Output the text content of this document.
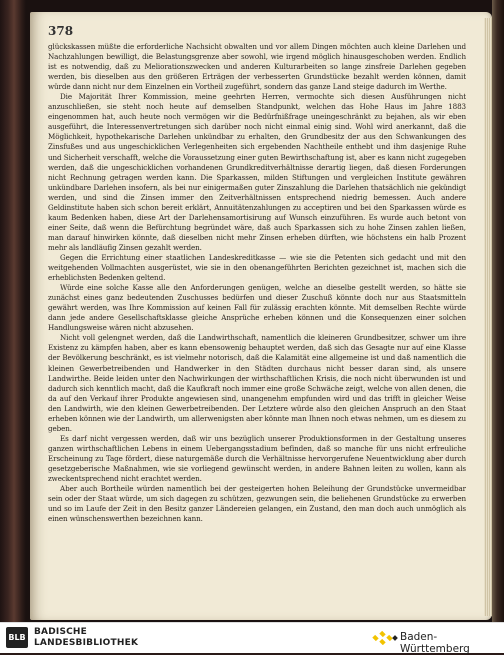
378

glückskassen müßte die erforderliche Nachsicht obwalten und vor allem Dingen möchten auch kleine Darlehen und Nachzahlungen bewilligt, die Belastungsgrenze aber sowohl, wie irgend möglich hinausgeschoben werden. Endlich ist es notwendig, daß zu Meliorationszwecken und anderen Kulturarbeiten so lange zinsfreie Darlehen gegeben werden, bis dieselben aus den größeren Erträgen der verbesserten Grundstücke bezahlt werden können, damit würde dann nicht nur dem Einzelnen ein Vortheil zugeführt, sondern das ganze Land steige dadurch im Werthe.

Die Majorität Ihrer Kommission, meine geehrten Herren, vermochte sich diesen Ausführungen nicht anzuschließen, sie steht noch heute auf demselben Standpunkt, welchen das Hohe Haus im Jahre 1883 eingenommen hat, auch heute noch vermögen wir die Bedürfnißfrage uneingeschränkt zu bejahen, als wir eben ausgeführt, die Interessenvertretungen sich darüber noch nicht einmal einig sind. Wohl wird anerkannt, daß die Möglichkeit, hypothekarische Darlehen unkündbar zu erhalten, den Grundbesitz der aus den Schwankungen des Zinsfußes und aus ungeschicklichen Verlegenheiten sich ergebenden Nachtheile enthebt und ihm dasjenige Ruhe und Sicherheit verschafft, welche die Voraussetzung einer guten Bewirthschaftung ist, aber es kann nicht zugegeben werden, daß die ungeschicklichen vorhandenen Grundkreditverhältnisse derartig liegen, daß diesen Forderungen nicht Rechnung getragen werden kann. Die Sparkassen, milden Stiftungen und vergleichen Institute gewähren unkündbare Darlehen insofern, als bei nur einigermaßen guter Zinszahlung die Darlehen thatsächlich nie gekündigt werden, und sind die Zinsen immer den Zeitverhältnissen entsprechend niedrig bemessen. Auch andere Geldinstitute haben sich schon bereit erklärt, Annuitätenzahlungen zu acceptiren und bei den Sparkassen würde es kaum Bedenken haben, diese Art der Darlehensamortisirung auf Wunsch einzuführen. Es wurde auch betont von einer Seite, daß wenn die Befürchtung begründet wäre, daß auch Sparkassen sich zu hohe Zinsen zahlen ließen, man darauf hinwirken könnte, daß dieselben nicht mehr Zinsen erheben dürften, wie höchstens ein halb Prozent mehr als landläufig Zinsen gezahlt werden.

Gegen die Errichtung einer staatlichen Landeskreditkasse — wie sie die Petenten sich gedacht und mit den weitgehenden Vollmachten ausgerüstet, wie sie in den obenangeführten Berichten gezeichnet ist, machen sich die erheblichsten Bedenken geltend.

Würde eine solche Kasse alle den Anforderungen genügen, welche an dieselbe gestellt werden, so hätte sie zunächst eines ganz bedeutenden Zuschusses bedürfen und dieser Zuschuß könnte doch nur aus Staatsmitteln gewährt werden, was Ihre Kommission auf keinen Fall für zulässig erachten könnte. Mit demselben Rechte würde dann jede andere Gesellschaftsklasse gleiche Ansprüche erheben können und die Konsequenzen einer solchen Handlungsweise wären nicht abzusehen.

Nicht voll gelengnet werden, daß die Landwirthschaft, namentlich die kleineren Grundbesitzer, schwer um ihre Existenz zu kämpfen haben, aber es kann ebensowenig behauptet werden, daß sich das Gesagte nur auf eine Klasse der Bevölkerung beschränkt, es ist vielmehr notorisch, daß die Kalamität eine allgemeine ist und daß namentlich die kleinen Gewerbetreibenden und Handwerker in den Städten durchaus nicht besser daran sind, als unsere Landwirthe. Beide leiden unter den Nachwirkungen der wirthschaftlichen Krisis, die noch nicht überwunden ist und dadurch sich kenntlich macht, daß die Kaufkraft noch immer eine große Schwäche zeigt, welche von allen denen, die da auf den Verkauf ihrer Produkte angewiesen sind, unangenehm empfunden wird und das trifft in gleicher Weise den Landwirth, wie den kleinen Gewerbetreibenden. Der Letztere würde also den gleichen Anspruch an den Staat erheben können wie der Landwirth, um allerwenigsten aber könnte man Ihnen noch etwas nehmen, um es diesem zu geben.

Es darf nicht vergessen werden, daß wir uns bezüglich unserer Produktionsformen in der Gestaltung unseres ganzen wirthschaftlichen Lebens in einem Uebergangsstadium befinden, daß so manche für uns nicht erfreuliche Erscheinung zu Tage fördert, diese naturgemäße durch die Verhältnisse hervorgerufene Neuentwicklung aber durch gesetzgeberische Maßnahmen, wie sie vorliegend gewünscht werden, in andere Bahnen leiten zu wollen, kann als zweckentsprechend nicht erachtet werden.

Aber auch Bortheile würden namentlich bei der gesteigerten hohen Beleihung der Grundstücke unvermeidbar sein oder der Staat würde, um sich dagegen zu schützen, gezwungen sein, die beliehenen Grundstücke zu erwerben und so im Laufe der Zeit in den Besitz ganzer Ländereien gelangen, ein Zustand, den man doch auch unmöglich als einen wünschenswerthen bezeichnen kann.

BLB
BADISCHE
LANDESBIBLIOTHEK	Baden-Württemberg
